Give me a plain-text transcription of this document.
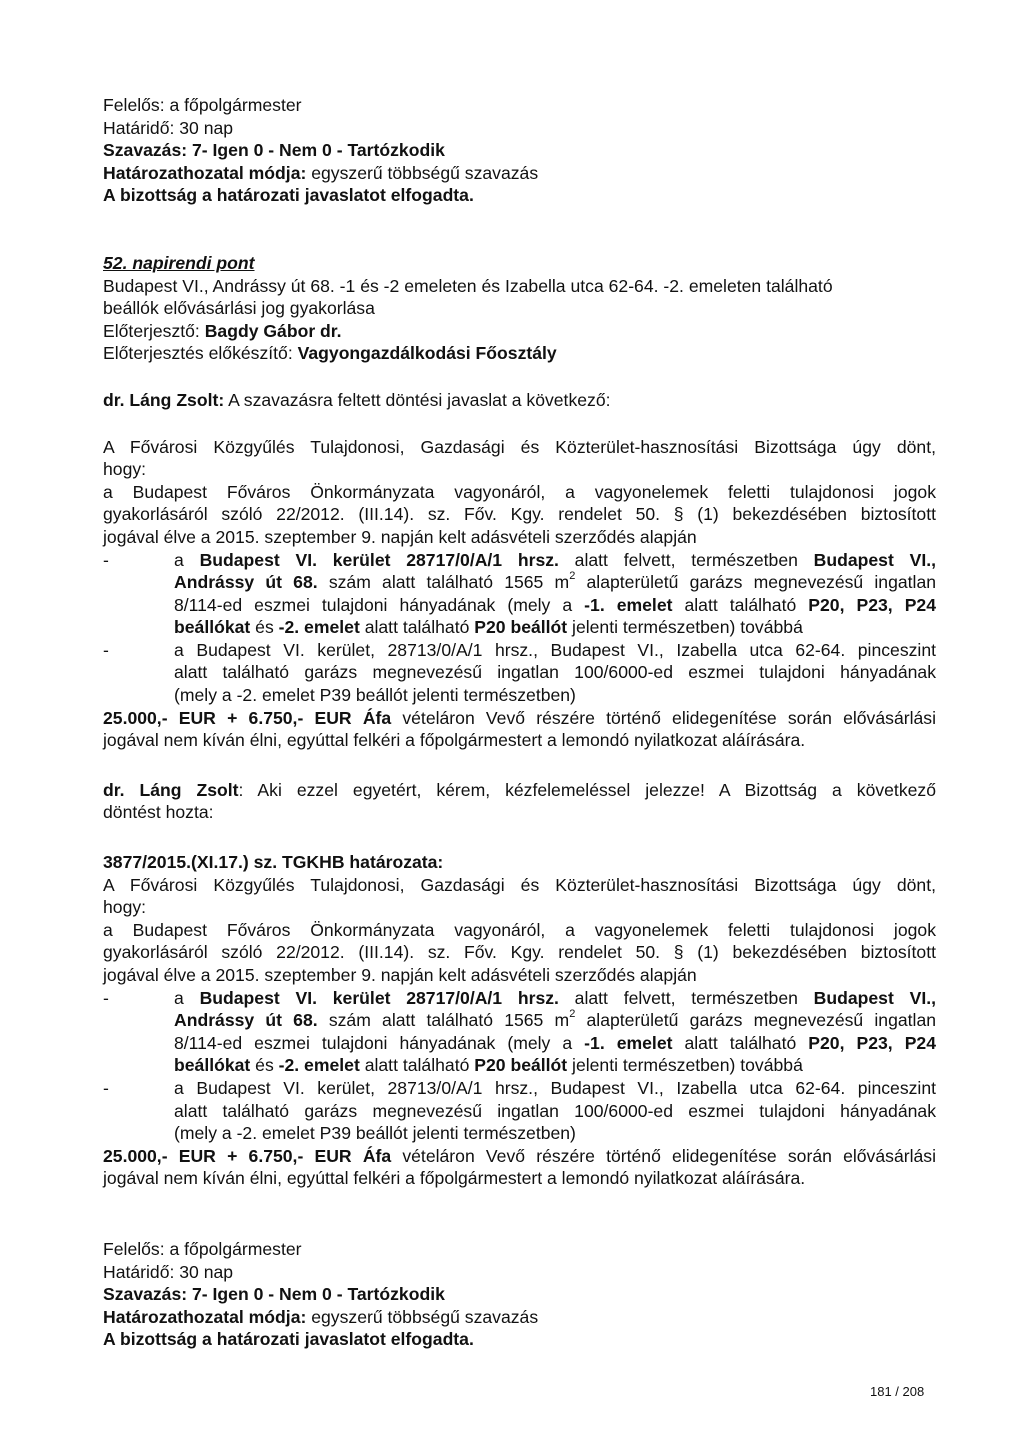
Felelős: a főpolgármester
Határidő: 30 nap
Szavazás: 7- Igen 0 - Nem 0 - Tartózkodik
Határozathozatal módja: egyszerű többségű szavazás
A bizottság a határozati javaslatot elfogadta.
52. napirendi pont
Budapest VI., Andrássy út 68. -1 és -2 emeleten és Izabella utca 62-64. -2. emeleten található
beállók elővásárlási jog gyakorlása
Előterjesztő: Bagdy Gábor dr.
Előterjesztés előkészítő: Vagyongazdálkodási Főosztály
dr. Láng Zsolt: A szavazásra feltett döntési javaslat a következő:
A Fővárosi Közgyűlés Tulajdonosi, Gazdasági és Közterület-hasznosítási Bizottsága úgy dönt,
hogy:
a Budapest Főváros Önkormányzata vagyonáról, a vagyonelemek feletti tulajdonosi jogok
gyakorlásáról szóló 22/2012. (III.14). sz. Főv. Kgy. rendelet 50. § (1) bekezdésében biztosított
jogával élve a 2015. szeptember 9. napján kelt adásvételi szerződés alapján
-	a Budapest VI. kerület 28717/0/A/1 hrsz. alatt felvett, természetben Budapest VI.,
Andrássy út 68. szám alatt található 1565 $m^2$ alapterületű garázs megnevezésű ingatlan
8/114-ed eszmei tulajdoni hányadának (mely a -1. emelet alatt található P20, P23, P24
beállókat és -2. emelet alatt található P20 beállót jelenti természetben) továbbá
-	a Budapest VI. kerület, 28713/0/A/1 hrsz., Budapest VI., Izabella utca 62-64. pinceszint
alatt található garázs megnevezésű ingatlan 100/6000-ed eszmei tulajdoni hányadának
(mely a -2. emelet P39 beállót jelenti természetben)
25.000,- EUR + 6.750,- EUR Áfa vételáron Vevő részére történő elidegenítése során elővásárlási
jogával nem kíván élni, egyúttal felkéri a főpolgármestert a lemondó nyilatkozat aláírására.
dr. Láng Zsolt: Aki ezzel egyetért, kérem, kézfelemeléssel jelezze! A Bizottság a következő
döntést hozta:
3877/2015.(XI.17.) sz. TGKHB határozata:
A Fővárosi Közgyűlés Tulajdonosi, Gazdasági és Közterület-hasznosítási Bizottsága úgy dönt,
hogy:
a Budapest Főváros Önkormányzata vagyonáról, a vagyonelemek feletti tulajdonosi jogok
gyakorlásáról szóló 22/2012. (III.14). sz. Főv. Kgy. rendelet 50. § (1) bekezdésében biztosított
jogával élve a 2015. szeptember 9. napján kelt adásvételi szerződés alapján
-	a Budapest VI. kerület 28717/0/A/1 hrsz. alatt felvett, természetben Budapest VI.,
Andrássy út 68. szám alatt található 1565 $m^2$ alapterületű garázs megnevezésű ingatlan
8/114-ed eszmei tulajdoni hányadának (mely a -1. emelet alatt található P20, P23, P24
beállókat és -2. emelet alatt található P20 beállót jelenti természetben) továbbá
-	a Budapest VI. kerület, 28713/0/A/1 hrsz., Budapest VI., Izabella utca 62-64. pinceszint
alatt található garázs megnevezésű ingatlan 100/6000-ed eszmei tulajdoni hányadának
(mely a -2. emelet P39 beállót jelenti természetben)
25.000,- EUR + 6.750,- EUR Áfa vételáron Vevő részére történő elidegenítése során elővásárlási
jogával nem kíván élni, egyúttal felkéri a főpolgármestert a lemondó nyilatkozat aláírására.
Felelős: a főpolgármester
Határidő: 30 nap
Szavazás: 7- Igen 0 - Nem 0 - Tartózkodik
Határozathozatal módja: egyszerű többségű szavazás
A bizottság a határozati javaslatot elfogadta.
181 / 208
